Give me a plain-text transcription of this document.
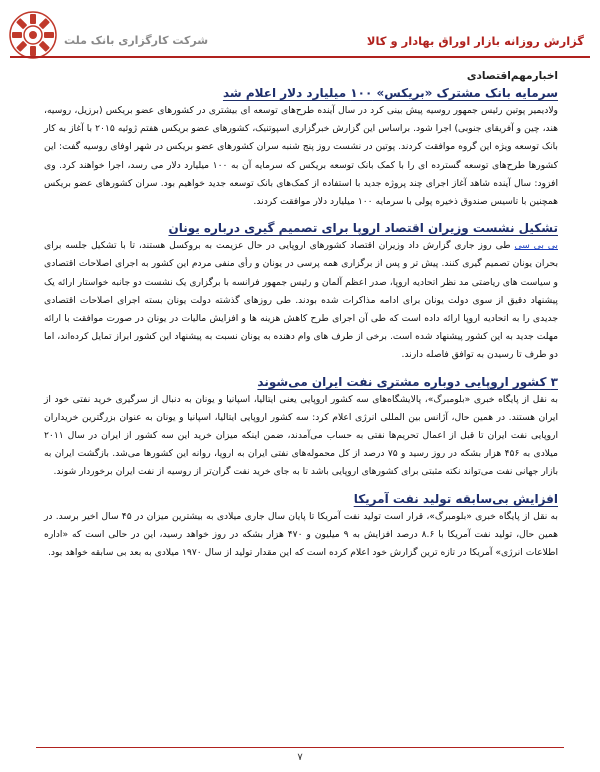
شرکت کارگزاری بانک ملت	گزارش روزانه بازار اوراق بهادار و کالا
اخبارمهم‌اقتصادی
سرمایه بانک مشترک «بریکس» ۱۰۰ میلیارد دلار اعلام شد

ولادیمیر پوتین رئیس جمهور روسیه پیش بینی کرد در سال آینده طرح‌های توسعه ای بیشتری در کشورهای عضو بریکس (برزیل، روسیه، هند، چین و آفریقای جنوبی) اجرا شود. براساس این گزارش خبرگزاری اسپوتنیک، کشورهای عضو بریکس هفتم ژوئیه ۲۰۱۵ با آغاز به کار بانک توسعه ویژه این گروه موافقت کردند. پوتین در نشست روز پنج شنبه سران کشورهای عضو بریکس در شهر اوفای روسیه گفت: این کشورها طرح‌های توسعه گسترده ای را با کمک بانک توسعه بریکس که سرمایه آن به ۱۰۰ میلیارد دلار می رسد، اجرا خواهند کرد. وی افزود: سال آینده شاهد آغاز اجرای چند پروژه جدید با استفاده از کمک‌های بانک توسعه جدید خواهیم بود. سران کشورهای عضو بریکس همچنین با تاسیس صندوق ذخیره پولی با سرمایه ۱۰۰ میلیارد دلار موافقت کردند.

تشکیل نشست وزیران اقتصاد اروپا برای تصمیم گیری درباره یونان

بی بی سی طی روز جاری گزارش داد وزیران اقتصاد کشورهای اروپایی در حال عزیمت به بروکسل هستند، تا با تشکیل جلسه برای بحران یونان تصمیم گیری کنند. پیش تر و پس از برگزاری همه پرسی در یونان و رأی منفی مردم این کشور به اجرای اصلاحات اقتصادی و سیاست های ریاضتی مد نظر اتحادیه اروپا، صدر اعظم آلمان و رئیس جمهور فرانسه با برگزاری یک نشست دو جانبه خواستار ارائه یک پیشنهاد دقیق از سوی دولت یونان برای ادامه مذاکرات شده بودند. طی روزهای گذشته دولت یونان بسته اجرای اصلاحات اقتصادی جدیدی را به اتحادیه اروپا ارائه داده است که طی آن اجرای طرح کاهش هزینه ها و افزایش مالیات در یونان در صورت موافقت با ارائه مهلت جدید به این کشور پیشنهاد شده است. برخی از طرف های وام دهنده به یونان نسبت به پیشنهاد این کشور ابراز تمایل کرده‌اند، اما دو طرف تا رسیدن به توافق فاصله دارند.

۳ کشور اروپایی دوباره مشتری نفت ایران می‌شوند

به نقل از پایگاه خبری «بلومبرگ»، پالایشگاه‌های سه کشور اروپایی یعنی ایتالیا، اسپانیا و یونان به دنبال از سرگیری خرید نفتی خود از ایران هستند. در همین حال، آژانس بین المللی انرژی اعلام کرد: سه کشور اروپایی ایتالیا، اسپانیا و یونان به عنوان بزرگترین خریداران اروپایی نفت ایران تا قبل از اعمال تحریم‌ها نفتی به حساب می‌آمدند، ضمن اینکه میزان خرید این سه کشور از ایران در سال ۲۰۱۱ میلادی به ۴۵۶ هزار بشکه در روز رسید و ۷۵ درصد از کل محموله‌های نفتی ایران به اروپا، روانه این کشورها می‌شد. بازگشت ایران به بازار جهانی نفت می‌تواند نکته مثبتی برای کشورهای اروپایی باشد تا به جای خرید نفت گران‌تر از روسیه از نفت ایران برخوردار شوند.

افزایش بی‌سابقه تولید نفت آمریکا

به نقل از پایگاه خبری «بلومبرگ»، قرار است تولید نفت آمریکا تا پایان سال جاری میلادی به بیشترین میزان در ۴۵ سال اخیر برسد. در همین حال، تولید نفت آمریکا با ۸.۶ درصد افزایش به ۹ میلیون و ۴۷۰ هزار بشکه در روز خواهد رسید، این در حالی است که «اداره اطلاعات انرژی» آمریکا در تازه ترین گزارش خود اعلام کرده است که این مقدار تولید از سال ۱۹۷۰ میلادی به بعد بی سابقه خواهد بود.

۷
